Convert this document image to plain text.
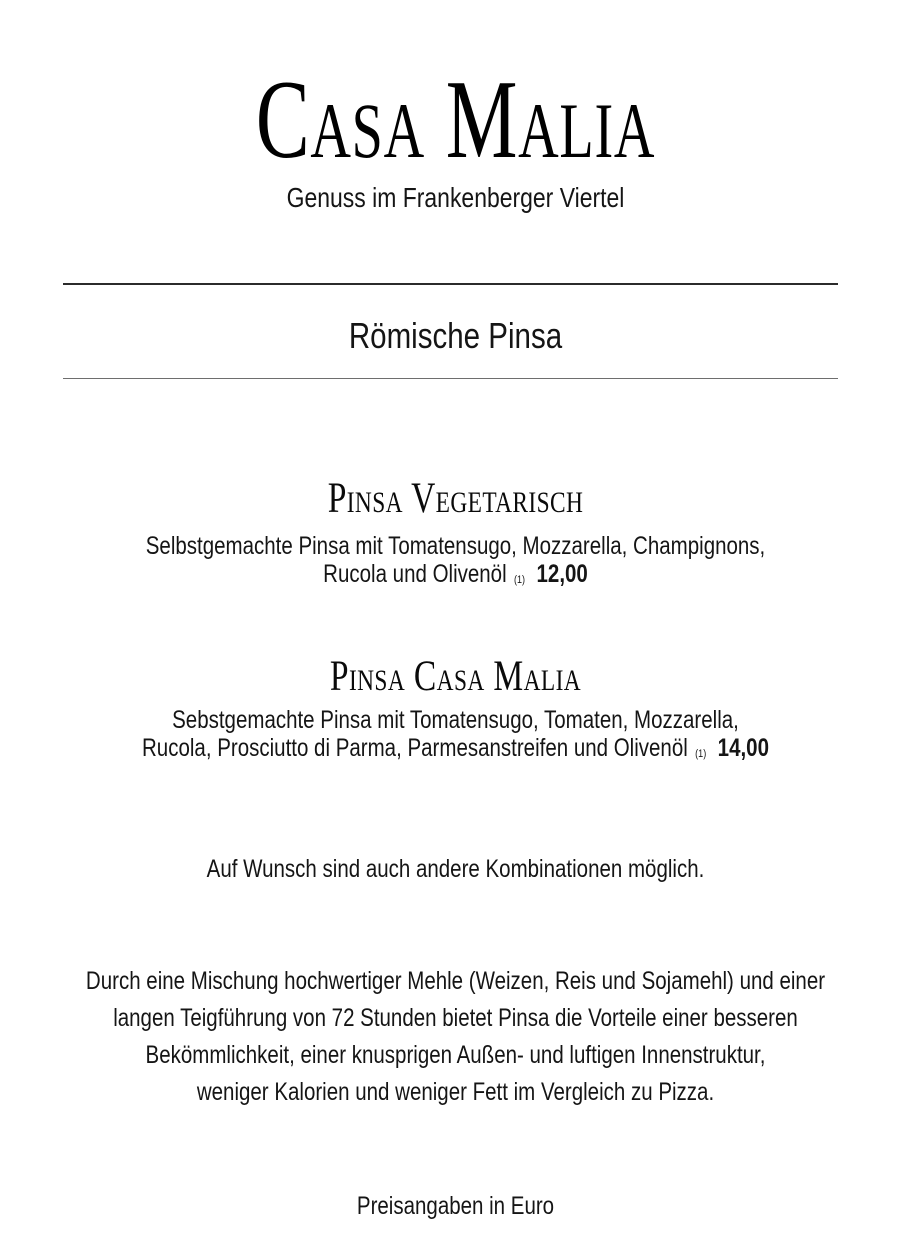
Casa Malia
Genuss im Frankenberger Viertel
Römische Pinsa
Pinsa Vegetarisch
Selbstgemachte Pinsa mit Tomatensugo, Mozzarella, Champignons,
Rucola und Olivenöl (1) 12,00
Pinsa Casa Malia
Sebstgemachte Pinsa mit Tomatensugo, Tomaten, Mozzarella,
Rucola, Prosciutto di Parma, Parmesanstreifen und Olivenöl (1) 14,00
Auf Wunsch sind auch andere Kombinationen möglich.
Durch eine Mischung hochwertiger Mehle (Weizen, Reis und Sojamehl) und einer
langen Teigführung von 72 Stunden bietet Pinsa die Vorteile einer besseren
Bekömmlichkeit, einer knusprigen Außen- und luftigen Innenstruktur,
weniger Kalorien und weniger Fett im Vergleich zu Pizza.
Preisangaben in Euro
